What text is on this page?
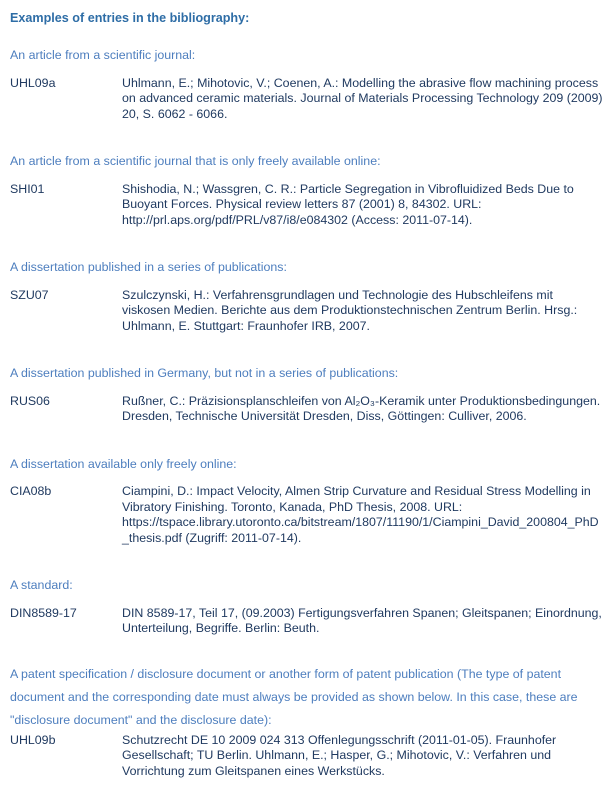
Examples of entries in the bibliography:
An article from a scientific journal:
UHL09a	Uhlmann, E.; Mihotovic, V.; Coenen, A.: Modelling the abrasive flow machining process on advanced ceramic materials. Journal of Materials Processing Technology 209 (2009) 20, S. 6062 - 6066.
An article from a scientific journal that is only freely available online:
SHI01	Shishodia, N.; Wassgren, C. R.: Particle Segregation in Vibrofluidized Beds Due to Buoyant Forces. Physical review letters 87 (2001) 8, 84302. URL: http://prl.aps.org/pdf/PRL/v87/i8/e084302 (Access: 2011-07-14).
A dissertation published in a series of publications:
SZU07	Szulczynski, H.: Verfahrensgrundlagen und Technologie des Hubschleifens mit viskosen Medien. Berichte aus dem Produktionstechnischen Zentrum Berlin. Hrsg.: Uhlmann, E. Stuttgart: Fraunhofer IRB, 2007.
A dissertation published in Germany, but not in a series of publications:
RUS06	Rußner, C.: Präzisionsplanschleifen von Al₂O₃-Keramik unter Produktionsbedingungen. Dresden, Technische Universität Dresden, Diss, Göttingen: Culliver, 2006.
A dissertation available only freely online:
CIA08b	Ciampini, D.: Impact Velocity, Almen Strip Curvature and Residual Stress Modelling in Vibratory Finishing. Toronto, Kanada, PhD Thesis, 2008. URL: https://tspace.library.utoronto.ca/bitstream/1807/11190/1/Ciampini_David_200804_PhD_thesis.pdf (Zugriff: 2011-07-14).
A standard:
DIN8589-17	DIN 8589-17, Teil 17, (09.2003) Fertigungsverfahren Spanen; Gleitspanen; Einordnung, Unterteilung, Begriffe. Berlin: Beuth.
A patent specification / disclosure document or another form of patent publication (The type of patent document and the corresponding date must always be provided as shown below. In this case, these are "disclosure document" and the disclosure date):
UHL09b	Schutzrecht DE 10 2009 024 313 Offenlegungsschrift (2011-01-05). Fraunhofer Gesellschaft; TU Berlin. Uhlmann, E.; Hasper, G.; Mihotovic, V.: Verfahren und Vorrichtung zum Gleitspanen eines Werkstücks.
